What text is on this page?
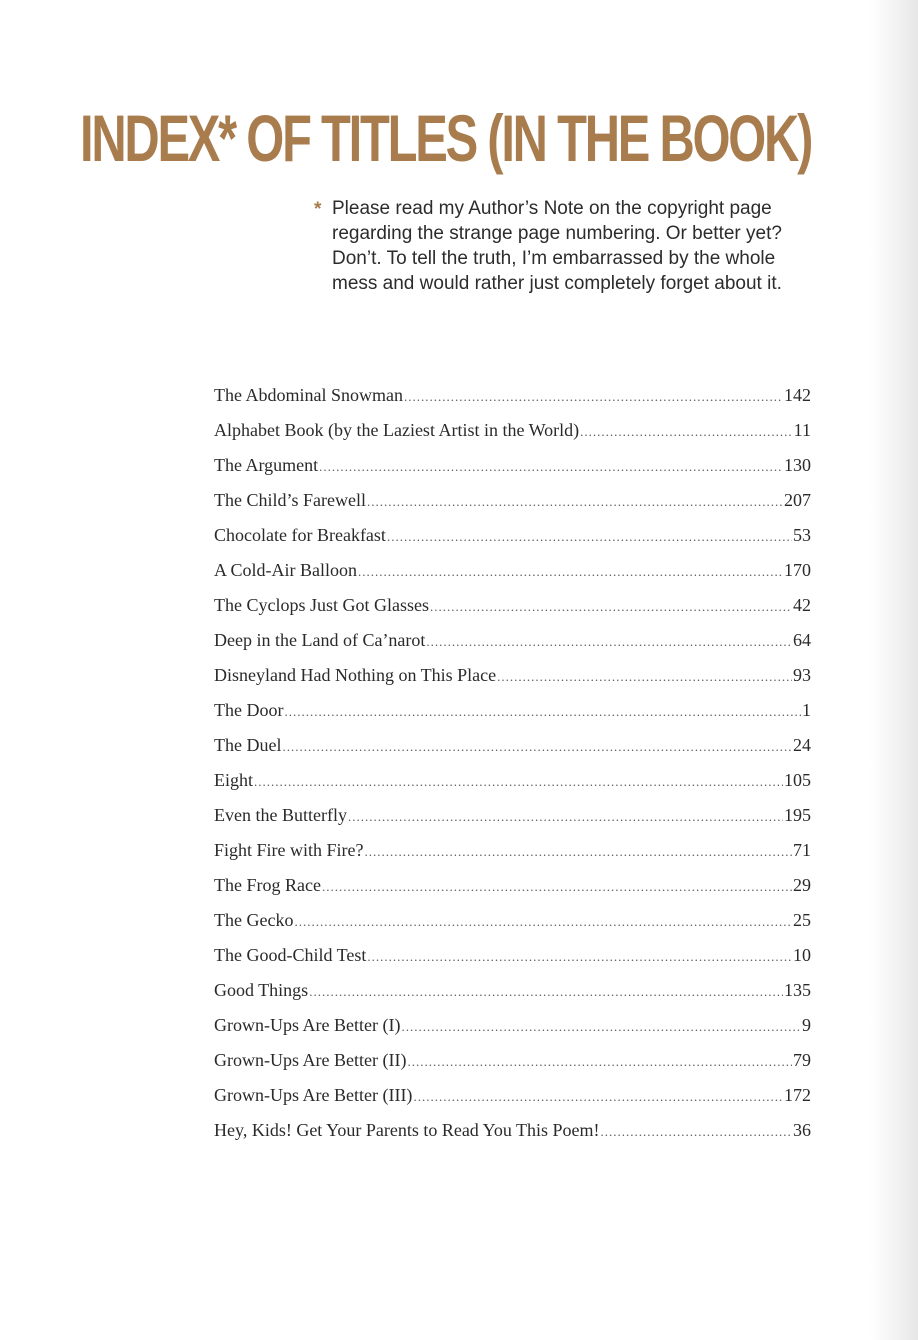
INDEX* OF TITLES (IN THE BOOK)
* Please read my Author’s Note on the copyright page regarding the strange page numbering. Or better yet? Don’t. To tell the truth, I’m embarrassed by the whole mess and would rather just completely forget about it.
The Abdominal Snowman .....	142
Alphabet Book (by the Laziest Artist in the World) .....	11
The Argument .....	130
The Child’s Farewell .....	207
Chocolate for Breakfast .....	53
A Cold-Air Balloon .....	170
The Cyclops Just Got Glasses .....	42
Deep in the Land of Ca’narot .....	64
Disneyland Had Nothing on This Place .....	93
The Door .....	1
The Duel .....	24
Eight .....	105
Even the Butterfly .....	195
Fight Fire with Fire? .....	71
The Frog Race .....	29
The Gecko .....	25
The Good-Child Test .....	10
Good Things .....	135
Grown-Ups Are Better (I) .....	9
Grown-Ups Are Better (II) .....	79
Grown-Ups Are Better (III) .....	172
Hey, Kids! Get Your Parents to Read You This Poem! .....	36
